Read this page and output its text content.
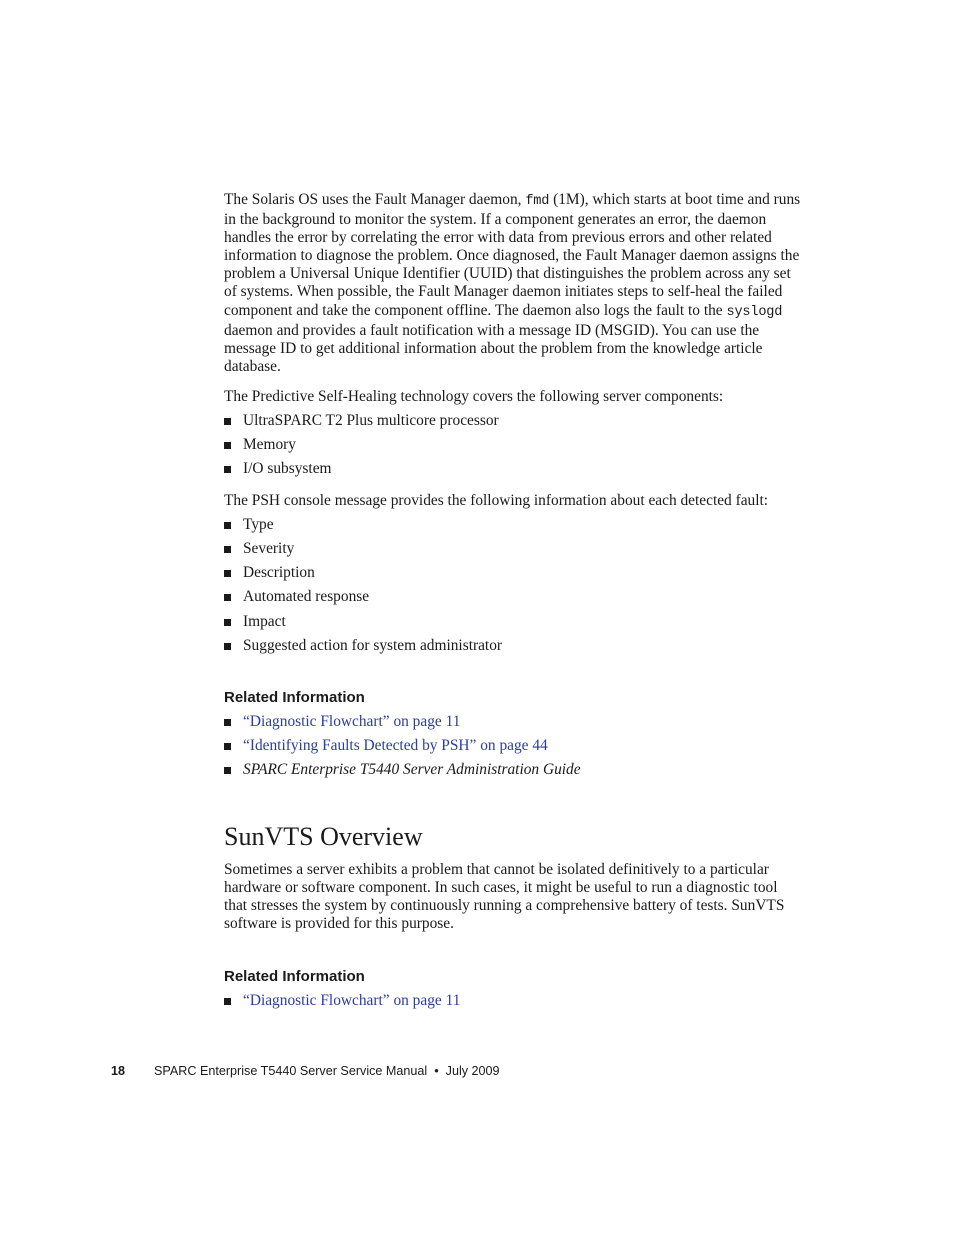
The Solaris OS uses the Fault Manager daemon, fmd (1M), which starts at boot time and runs in the background to monitor the system. If a component generates an error, the daemon handles the error by correlating the error with data from previous errors and other related information to diagnose the problem. Once diagnosed, the Fault Manager daemon assigns the problem a Universal Unique Identifier (UUID) that distinguishes the problem across any set of systems. When possible, the Fault Manager daemon initiates steps to self-heal the failed component and take the component offline. The daemon also logs the fault to the syslogd daemon and provides a fault notification with a message ID (MSGID). You can use the message ID to get additional information about the problem from the knowledge article database.

The Predictive Self-Healing technology covers the following server components:

UltraSPARC T2 Plus multicore processor
Memory
I/O subsystem

The PSH console message provides the following information about each detected fault:

Type
Severity
Description
Automated response
Impact
Suggested action for system administrator
Related Information
“Diagnostic Flowchart” on page 11
“Identifying Faults Detected by PSH” on page 44
SPARC Enterprise T5440 Server Administration Guide
SunVTS Overview

Sometimes a server exhibits a problem that cannot be isolated definitively to a particular hardware or software component. In such cases, it might be useful to run a diagnostic tool that stresses the system by continuously running a comprehensive battery of tests. SunVTS software is provided for this purpose.

Related Information
“Diagnostic Flowchart” on page 11
18 SPARC Enterprise T5440 Server Service Manual • July 2009
